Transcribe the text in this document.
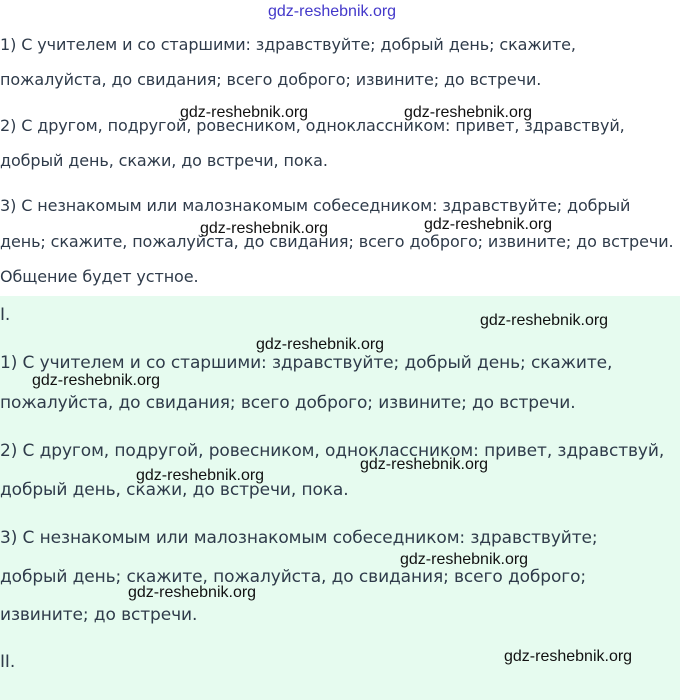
1) С учителем и со старшими: здравствуйте; добрый день; скажите,
пожалуйста, до свидания; всего доброго; извините; до встречи.
2) С другом, подругой, ровесником, одноклассником: привет, здравствуй,
добрый день, скажи, до встречи, пока.
3) С незнакомым или малознакомым собеседником: здравствуйте; добрый
день; скажите, пожалуйста, до свидания; всего доброго; извините; до встречи.
Общение будет устное.
I.
1) С учителем и со старшими: здравствуйте; добрый день; скажите,
пожалуйста, до свидания; всего доброго; извините; до встречи.
2) С другом, подругой, ровесником, одноклассником: привет, здравствуй,
добрый день, скажи, до встречи, пока.
3) С незнакомым или малознакомым собеседником: здравствуйте;
добрый день; скажите, пожалуйста, до свидания; всего доброго;
извините; до встречи.
II.
gdz-reshebnik.org
gdz-reshebnik.org	gdz-reshebnik.org
gdz-reshebnik.org	gdz-reshebnik.org
gdz-reshebnik.org
gdz-reshebnik.org
gdz-reshebnik.org
gdz-reshebnik.org
gdz-reshebnik.org
gdz-reshebnik.org
gdz-reshebnik.org
gdz-reshebnik.org
